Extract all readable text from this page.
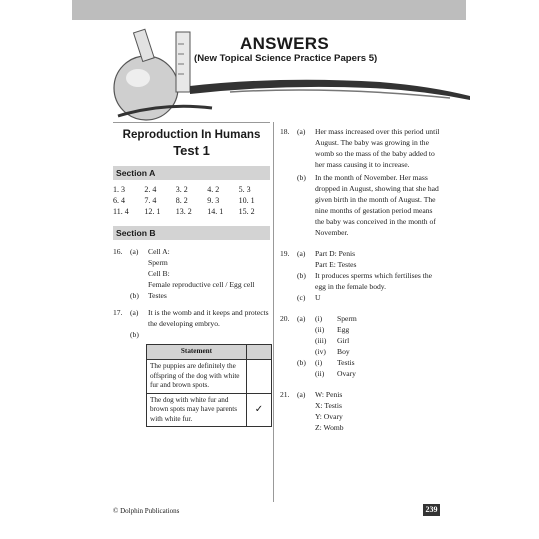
ANSWERS
(New Topical Science Practice Papers 5)
Reproduction In Humans
Test 1
Section A
1. 3	2. 4	3. 2	4. 2	5. 3
6. 4	7. 4	8. 2	9. 3	10. 1
11. 4	12. 1	13. 2	14. 1	15. 2
Section B
16. (a)	Cell A:
Sperm
Cell B:
Female reproductive cell / Egg cell
(b)	Testes
17. (a)	It is the womb and it keeps and protects the developing embryo.
(b)
Statement	
The puppies are definitely the offspring of the dog with white fur and brown spots.	
The dog with white fur and brown spots may have parents with white fur.	✓
18. (a)	Her mass increased over this period until August. The baby was growing in the womb so the mass of the baby added to her mass causing it to increase.
(b)	In the month of November. Her mass dropped in August, showing that she had given birth in the month of August. The nine months of gestation period means the baby was conceived in the month of November.
19. (a)	Part D: Penis
Part E: Testes
(b)	It produces sperms which fertilises the egg in the female body.
(c)	U
20. (a)	(i) Sperm
(ii) Egg
(iii) Girl
(iv) Boy
(b)	(i) Testis
(ii) Ovary
21. (a)	W: Penis
X: Testis
Y: Ovary
Z: Womb
© Dolphin Publications	239
